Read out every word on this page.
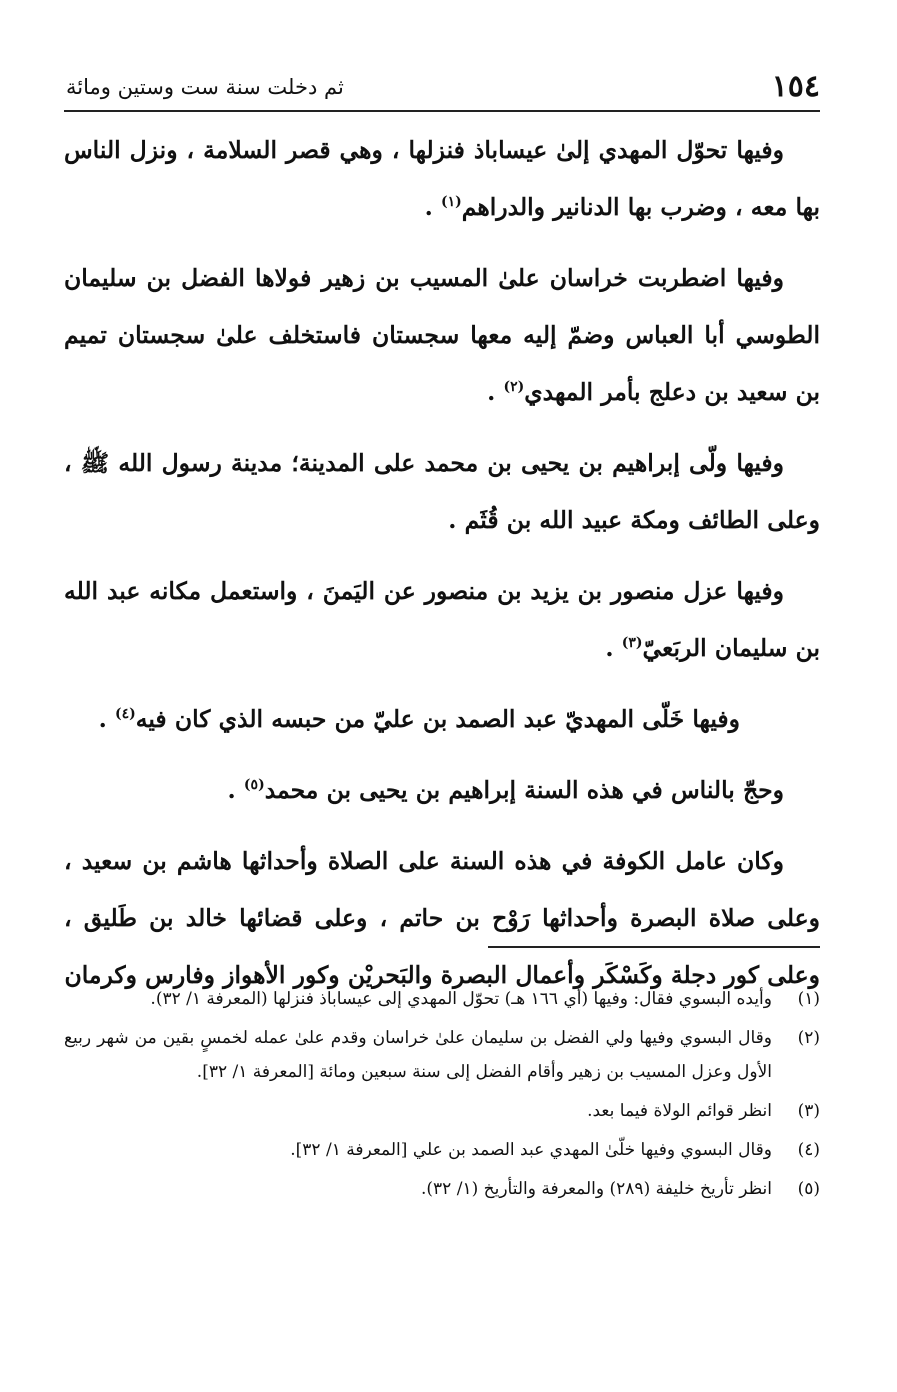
١٥٤
ثم دخلت سنة ست وستين ومائة

وفيها تحوّل المهدي إلىٰ عيساباذ فنزلها ، وهي قصر السلامة ، ونزل الناس بها معه ، وضرب بها الدنانير والدراهم$^{(١)}$ .

وفيها اضطربت خراسان علىٰ المسيب بن زهير فولاها الفضل بن سليمان الطوسي أبا العباس وضمّ إليه معها سجستان فاستخلف علىٰ سجستان تميم بن سعيد بن دعلج بأمر المهدي$^{(٢)}$ .

وفيها ولّى إبراهيم بن يحيى بن محمد على المدينة؛ مدينة رسول الله ﷺ ، وعلى الطائف ومكة عبيد الله بن قُثَم .

وفيها عزل منصور بن يزيد بن منصور عن اليَمنَ ، واستعمل مكانه عبد الله بن سليمان الربَعيّ$^{(٣)}$ .

وفيها خَلّى المهديّ عبد الصمد بن عليّ من حبسه الذي كان فيه$^{(٤)}$ .

وحجّ بالناس في هذه السنة إبراهيم بن يحيى بن محمد$^{(٥)}$ .

وكان عامل الكوفة في هذه السنة على الصلاة وأحداثها هاشم بن سعيد ، وعلى صلاة البصرة وأحداثها رَوْح بن حاتم ، وعلى قضائها خالد بن طَليق ، وعلى كور دجلة وكَسْكَر وأعمال البصرة والبَحريْن وكور الأهواز وفارس وكرمان

(١)
وأيده البسوي فقال: وفيها (أي ١٦٦ هـ) تحوّل المهدي إلى عيساباذ فنزلها (المعرفة ١/ ٣٢).
(٢)
وقال البسوي وفيها ولي الفضل بن سليمان علىٰ خراسان وقدم علىٰ عمله لخمسٍ بقين من شهر ربيع الأول وعزل المسيب بن زهير وأقام الفضل إلى سنة سبعين ومائة [المعرفة ١/ ٣٢].
(٣)
انظر قوائم الولاة فيما بعد.
(٤)
وقال البسوي وفيها خلّىٰ المهدي عبد الصمد بن علي [المعرفة ١/ ٣٢].
(٥)
انظر تأريخ خليفة (٢٨٩) والمعرفة والتأريخ (١/ ٣٢).
